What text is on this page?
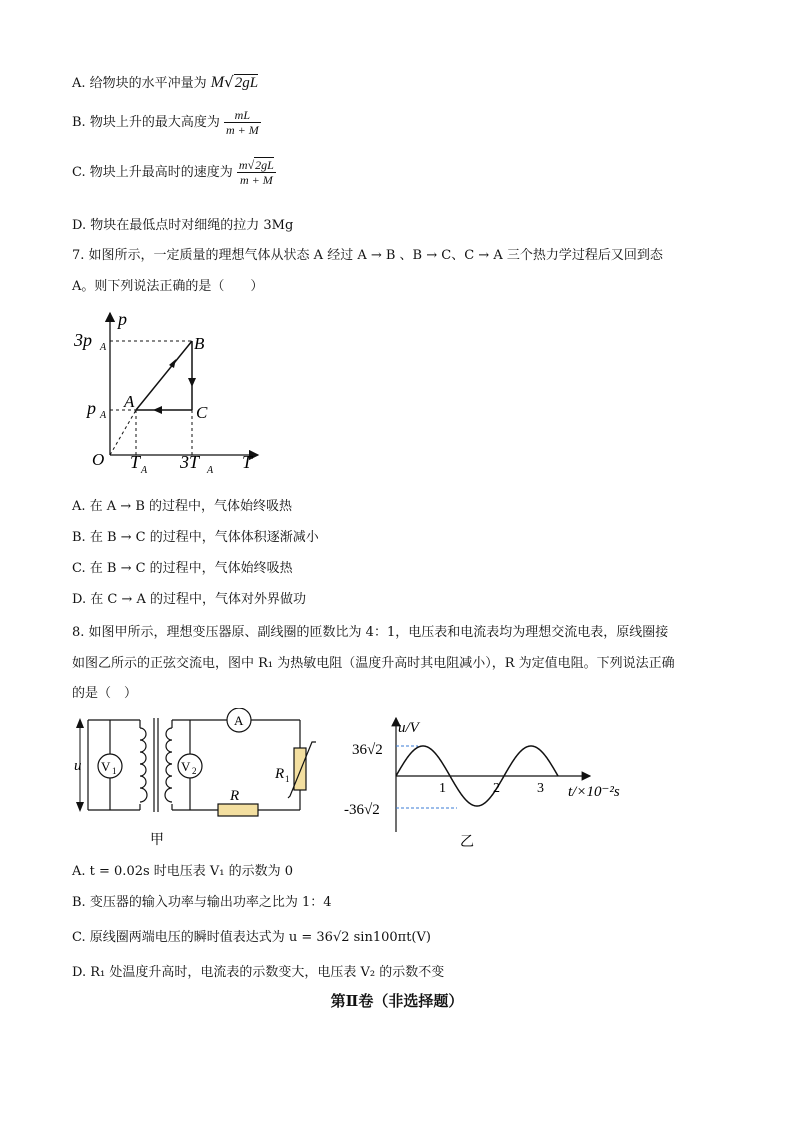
A. 给物块的水平冲量为 M√2gL
B. 物块上升的最大高度为 $\frac{mL}{m + M}$
C. 物块上升最高时的速度为 $\frac{m√2gL}{m + M}$
D. 物块在最低点时对细绳的拉力 3Mg
7. 如图所示，一定质量的理想气体从状态 A 经过 A → B 、B → C、C → A 三个热力学过程后又回到态
A。则下列说法正确的是（　　）
p
3p A
p A
O T A 3T A T
A
B
C
A. 在 A → B 的过程中，气体始终吸热
B. 在 B → C 的过程中，气体体积逐渐减小
C. 在 B → C 的过程中，气体始终吸热
D. 在 C → A 的过程中，气体对外界做功
8. 如图甲所示，理想变压器原、副线圈的匝数比为 4：1，电压表和电流表均为理想交流电表，原线圈接
如图乙所示的正弦交流电，图中 R₁ 为热敏电阻（温度升高时其电阻减小），R 为定值电阻。下列说法正确
的是（　）
u V 1	V 2
A
R 1
R
甲
u/V
t/×10⁻²s
36√2
-36√2
1	2	3
乙
A. t = 0.02s 时电压表 V₁ 的示数为 0
B. 变压器的输入功率与输出功率之比为 1：4
C. 原线圈两端电压的瞬时值表达式为 u = 36√2 sin100πt(V)
D. R₁ 处温度升高时，电流表的示数变大，电压表 V₂ 的示数不变
第Ⅱ卷（非选择题）
